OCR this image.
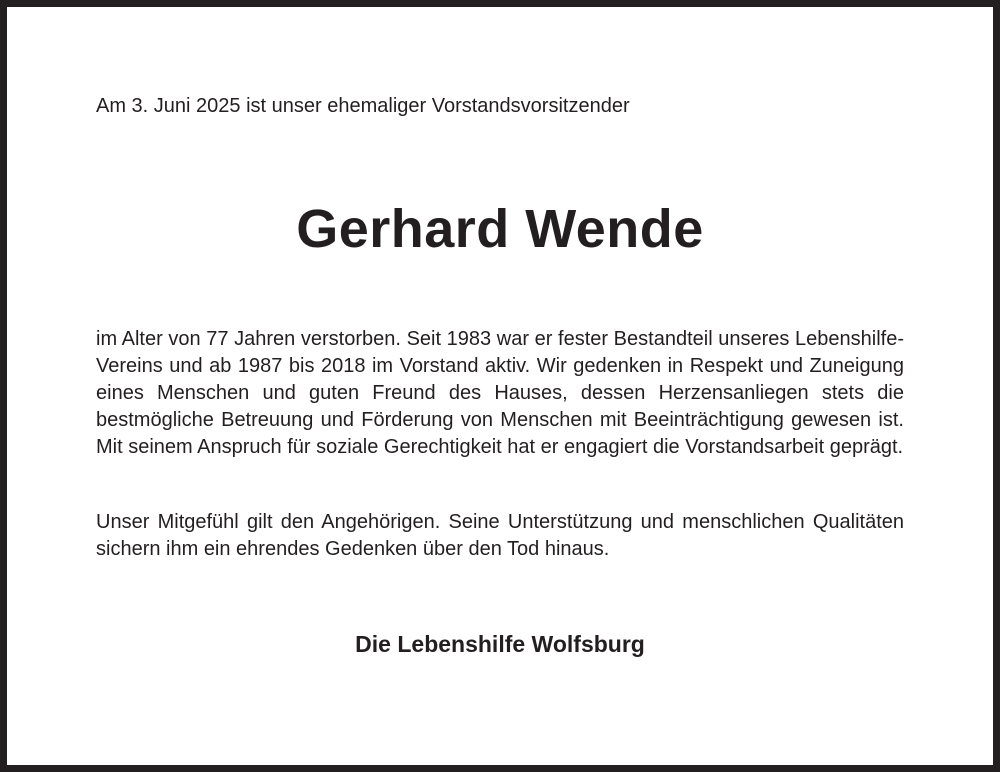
Am 3. Juni 2025 ist unser ehemaliger Vorstandsvorsitzender
Gerhard Wende

im Alter von 77 Jahren verstorben. Seit 1983 war er fester Bestandteil unseres Lebenshilfe-Vereins und ab 1987 bis 2018 im Vorstand aktiv. Wir gedenken in Respekt und Zuneigung eines Menschen und guten Freund des Hauses, dessen Herzensanliegen stets die bestmögliche Betreuung und Förderung von Menschen mit Beeinträchtigung gewesen ist. Mit seinem Anspruch für soziale Gerechtigkeit hat er engagiert die Vorstandsarbeit geprägt.

Unser Mitgefühl gilt den Angehörigen. Seine Unterstützung und menschlichen Qualitäten sichern ihm ein ehrendes Gedenken über den Tod hinaus.

Die Lebenshilfe Wolfsburg
